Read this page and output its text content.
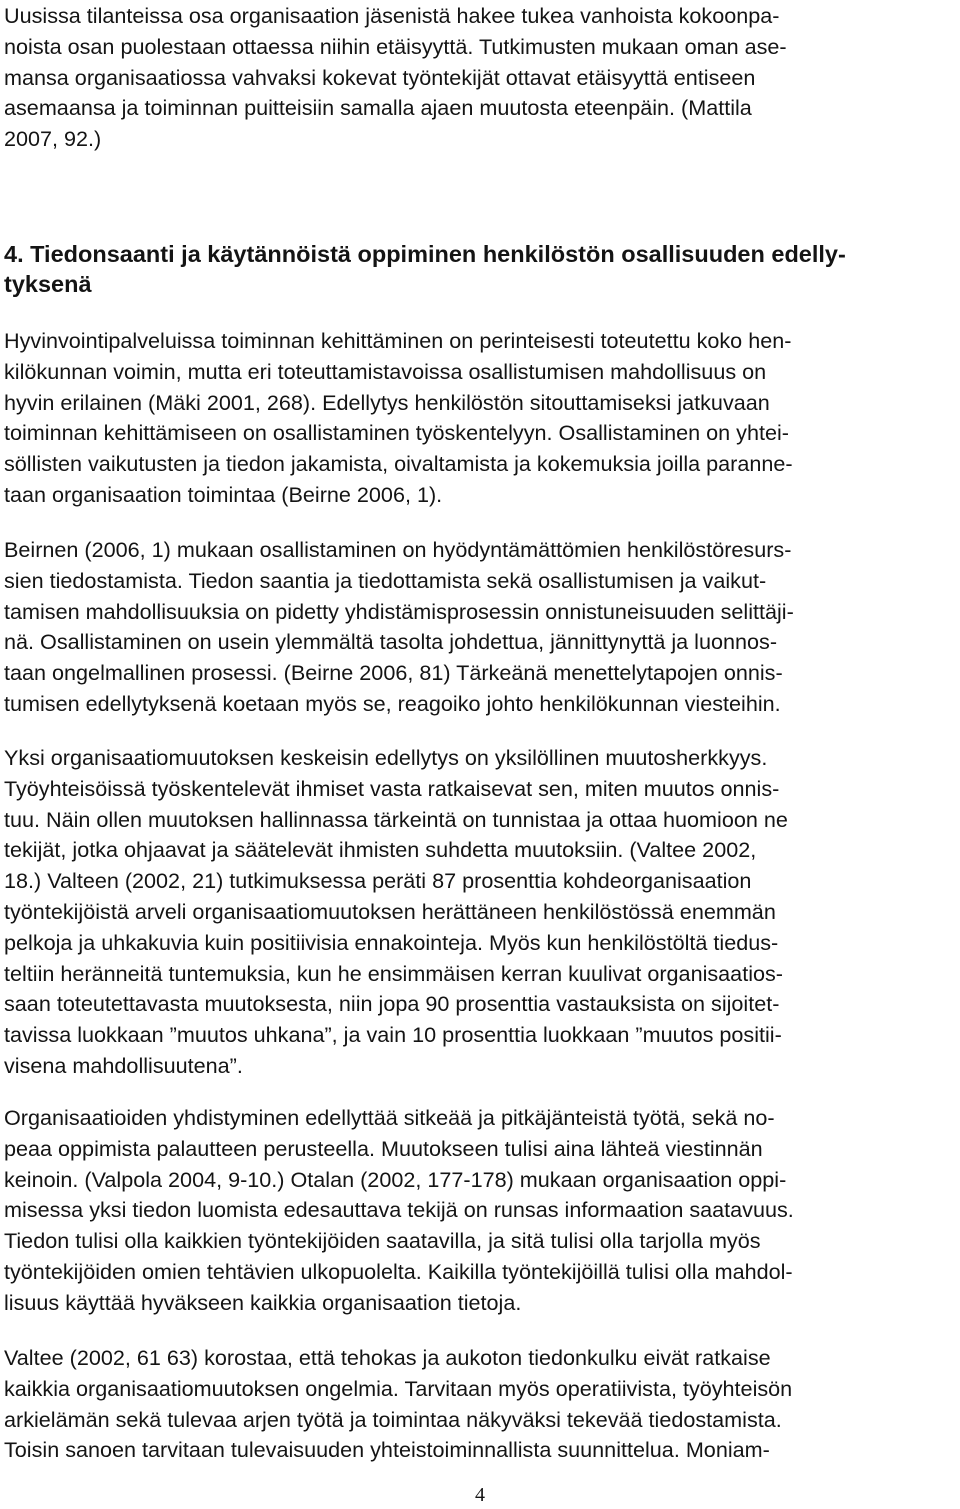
Uusissa tilanteissa osa organisaation jäsenistä hakee tukea vanhoista kokoonpa-
noista osan puolestaan ottaessa niihin etäisyyttä. Tutkimusten mukaan oman ase-
mansa organisaatiossa vahvaksi kokevat työntekijät ottavat etäisyyttä entiseen
asemaansa ja toiminnan puitteisiin samalla ajaen muutosta eteenpäin. (Mattila
2007, 92.)
4. Tiedonsaanti ja käytännöistä oppiminen henkilöstön osallisuuden edelly-
tyksenä
Hyvinvointipalveluissa toiminnan kehittäminen on perinteisesti toteutettu koko hen-
kilökunnan voimin, mutta eri toteuttamistavoissa osallistumisen mahdollisuus on
hyvin erilainen (Mäki 2001, 268). Edellytys henkilöstön sitouttamiseksi jatkuvaan
toiminnan kehittämiseen on osallistaminen työskentelyyn. Osallistaminen on yhtei-
söllisten vaikutusten ja tiedon jakamista, oivaltamista ja kokemuksia joilla paranne-
taan organisaation toimintaa (Beirne 2006, 1).
Beirnen (2006, 1) mukaan osallistaminen on hyödyntämättömien henkilöstöresurs-
sien tiedostamista. Tiedon saantia ja tiedottamista sekä osallistumisen ja vaikut-
tamisen mahdollisuuksia on pidetty yhdistämisprosessin onnistuneisuuden selittäji-
nä. Osallistaminen on usein ylemmältä tasolta johdettua, jännittynyttä ja luonnos-
taan ongelmallinen prosessi. (Beirne 2006, 81) Tärkeänä menettelytapojen onnis-
tumisen edellytyksenä koetaan myös se, reagoiko johto henkilökunnan viesteihin.
Yksi organisaatiomuutoksen keskeisin edellytys on yksilöllinen muutosherkkyys.
Työyhteisöissä työskentelevät ihmiset vasta ratkaisevat sen, miten muutos onnis-
tuu. Näin ollen muutoksen hallinnassa tärkeintä on tunnistaa ja ottaa huomioon ne
tekijät, jotka ohjaavat ja säätelevät ihmisten suhdetta muutoksiin. (Valtee 2002,
18.) Valteen (2002, 21) tutkimuksessa peräti 87 prosenttia kohdeorganisaation
työntekijöistä arveli organisaatiomuutoksen herättäneen henkilöstössä enemmän
pelkoja ja uhkakuvia kuin positiivisia ennakointeja. Myös kun henkilöstöltä tiedus-
teltiin heränneitä tuntemuksia, kun he ensimmäisen kerran kuulivat organisaatios-
saan toteutettavasta muutoksesta, niin jopa 90 prosenttia vastauksista on sijoitet-
tavissa luokkaan ”muutos uhkana”, ja vain 10 prosenttia luokkaan ”muutos positii-
visena mahdollisuutena”.
Organisaatioiden yhdistyminen edellyttää sitkeää ja pitkäjänteistä työtä, sekä no-
peaa oppimista palautteen perusteella. Muutokseen tulisi aina lähteä viestinnän
keinoin. (Valpola 2004, 9-10.) Otalan (2002, 177-178) mukaan organisaation oppi-
misessa yksi tiedon luomista edesauttava tekijä on runsas informaation saatavuus.
Tiedon tulisi olla kaikkien työntekijöiden saatavilla, ja sitä tulisi olla tarjolla myös
työntekijöiden omien tehtävien ulkopuolelta. Kaikilla työntekijöillä tulisi olla mahdol-
lisuus käyttää hyväkseen kaikkia organisaation tietoja.
Valtee (2002, 61 63) korostaa, että tehokas ja aukoton tiedonkulku eivät ratkaise
kaikkia organisaatiomuutoksen ongelmia. Tarvitaan myös operatiivista, työyhteisön
arkielämän sekä tulevaa arjen työtä ja toimintaa näkyväksi tekevää tiedostamista.
Toisin sanoen tarvitaan tulevaisuuden yhteistoiminnallista suunnittelua. Moniam-
4
